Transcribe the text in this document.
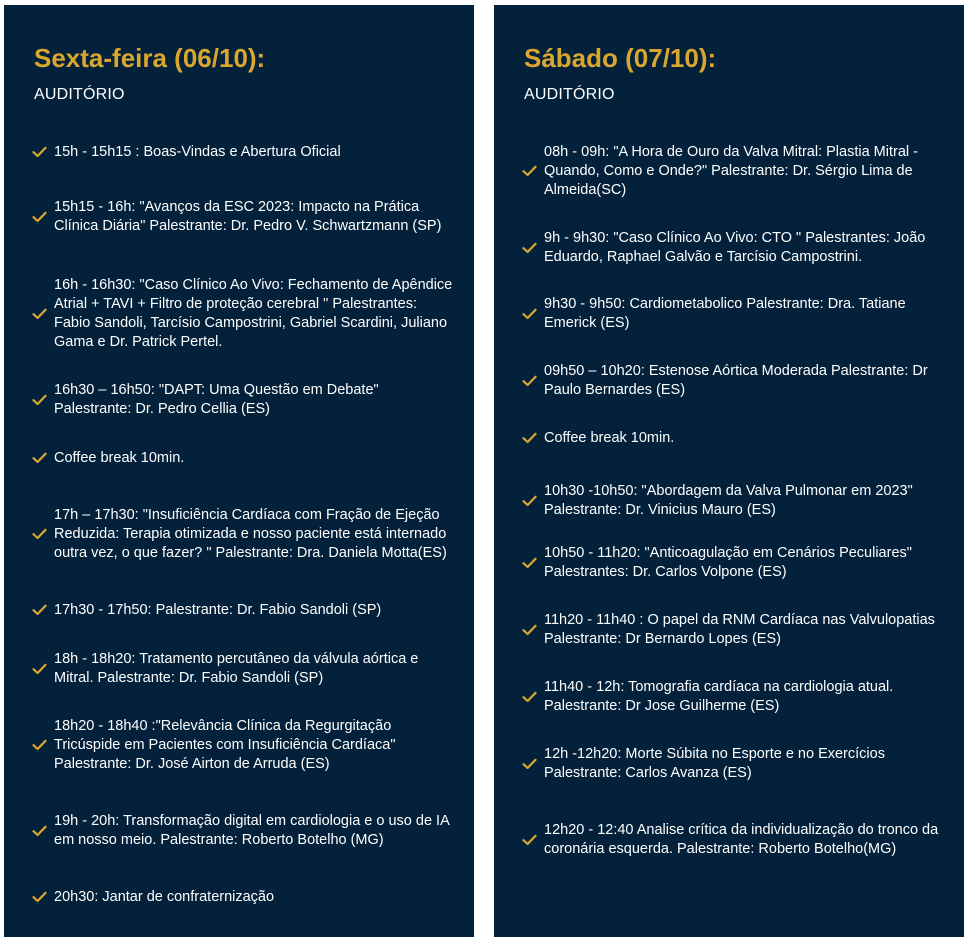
Sexta-feira (06/10):
AUDITÓRIO
15h - 15h15 : Boas-Vindas e Abertura Oficial
15h15 - 16h: "Avanços da ESC 2023: Impacto na Prática Clínica Diária" Palestrante: Dr. Pedro V. Schwartzmann (SP)
16h - 16h30: "Caso Clínico Ao Vivo: Fechamento de Apêndice Atrial + TAVI + Filtro de proteção cerebral " Palestrantes: Fabio Sandoli, Tarcísio Campostrini, Gabriel Scardini, Juliano Gama e Dr. Patrick Pertel.
16h30 – 16h50: "DAPT: Uma Questão em Debate" Palestrante: Dr. Pedro Cellia (ES)
Coffee break 10min.
17h – 17h30: "Insuficiência Cardíaca com Fração de Ejeção Reduzida: Terapia otimizada e nosso paciente está internado outra vez, o que fazer? " Palestrante: Dra. Daniela Motta(ES)
17h30 - 17h50: Palestrante: Dr. Fabio Sandoli (SP)
18h - 18h20: Tratamento percutâneo da válvula aórtica e Mitral. Palestrante: Dr. Fabio Sandoli (SP)
18h20 - 18h40 :"Relevância Clínica da Regurgitação Tricúspide em Pacientes com Insuficiência Cardíaca" Palestrante: Dr. José Airton de Arruda (ES)
19h - 20h: Transformação digital em cardiologia e o uso de IA em nosso meio. Palestrante: Roberto Botelho (MG)
20h30: Jantar de confraternização
Sábado (07/10):
AUDITÓRIO
08h - 09h: "A Hora de Ouro da Valva Mitral: Plastia Mitral - Quando, Como e Onde?" Palestrante: Dr. Sérgio Lima de Almeida(SC)
9h - 9h30: "Caso Clínico Ao Vivo: CTO " Palestrantes: João Eduardo, Raphael Galvão e Tarcísio Campostrini.
9h30 - 9h50: Cardiometabolico Palestrante: Dra. Tatiane Emerick (ES)
09h50 – 10h20: Estenose Aórtica Moderada Palestrante: Dr Paulo Bernardes (ES)
Coffee break 10min.
10h30 -10h50: "Abordagem da Valva Pulmonar em 2023" Palestrante: Dr. Vinicius Mauro (ES)
10h50 - 11h20: "Anticoagulação em Cenários Peculiares" Palestrantes: Dr. Carlos Volpone (ES)
11h20 - 11h40 : O papel da RNM Cardíaca nas Valvulopatias Palestrante: Dr Bernardo Lopes (ES)
11h40 - 12h: Tomografia cardíaca na cardiologia atual. Palestrante: Dr Jose Guilherme (ES)
12h -12h20: Morte Súbita no Esporte e no Exercícios Palestrante: Carlos Avanza (ES)
12h20 - 12:40 Analise crítica da individualização do tronco da coronária esquerda. Palestrante: Roberto Botelho(MG)
